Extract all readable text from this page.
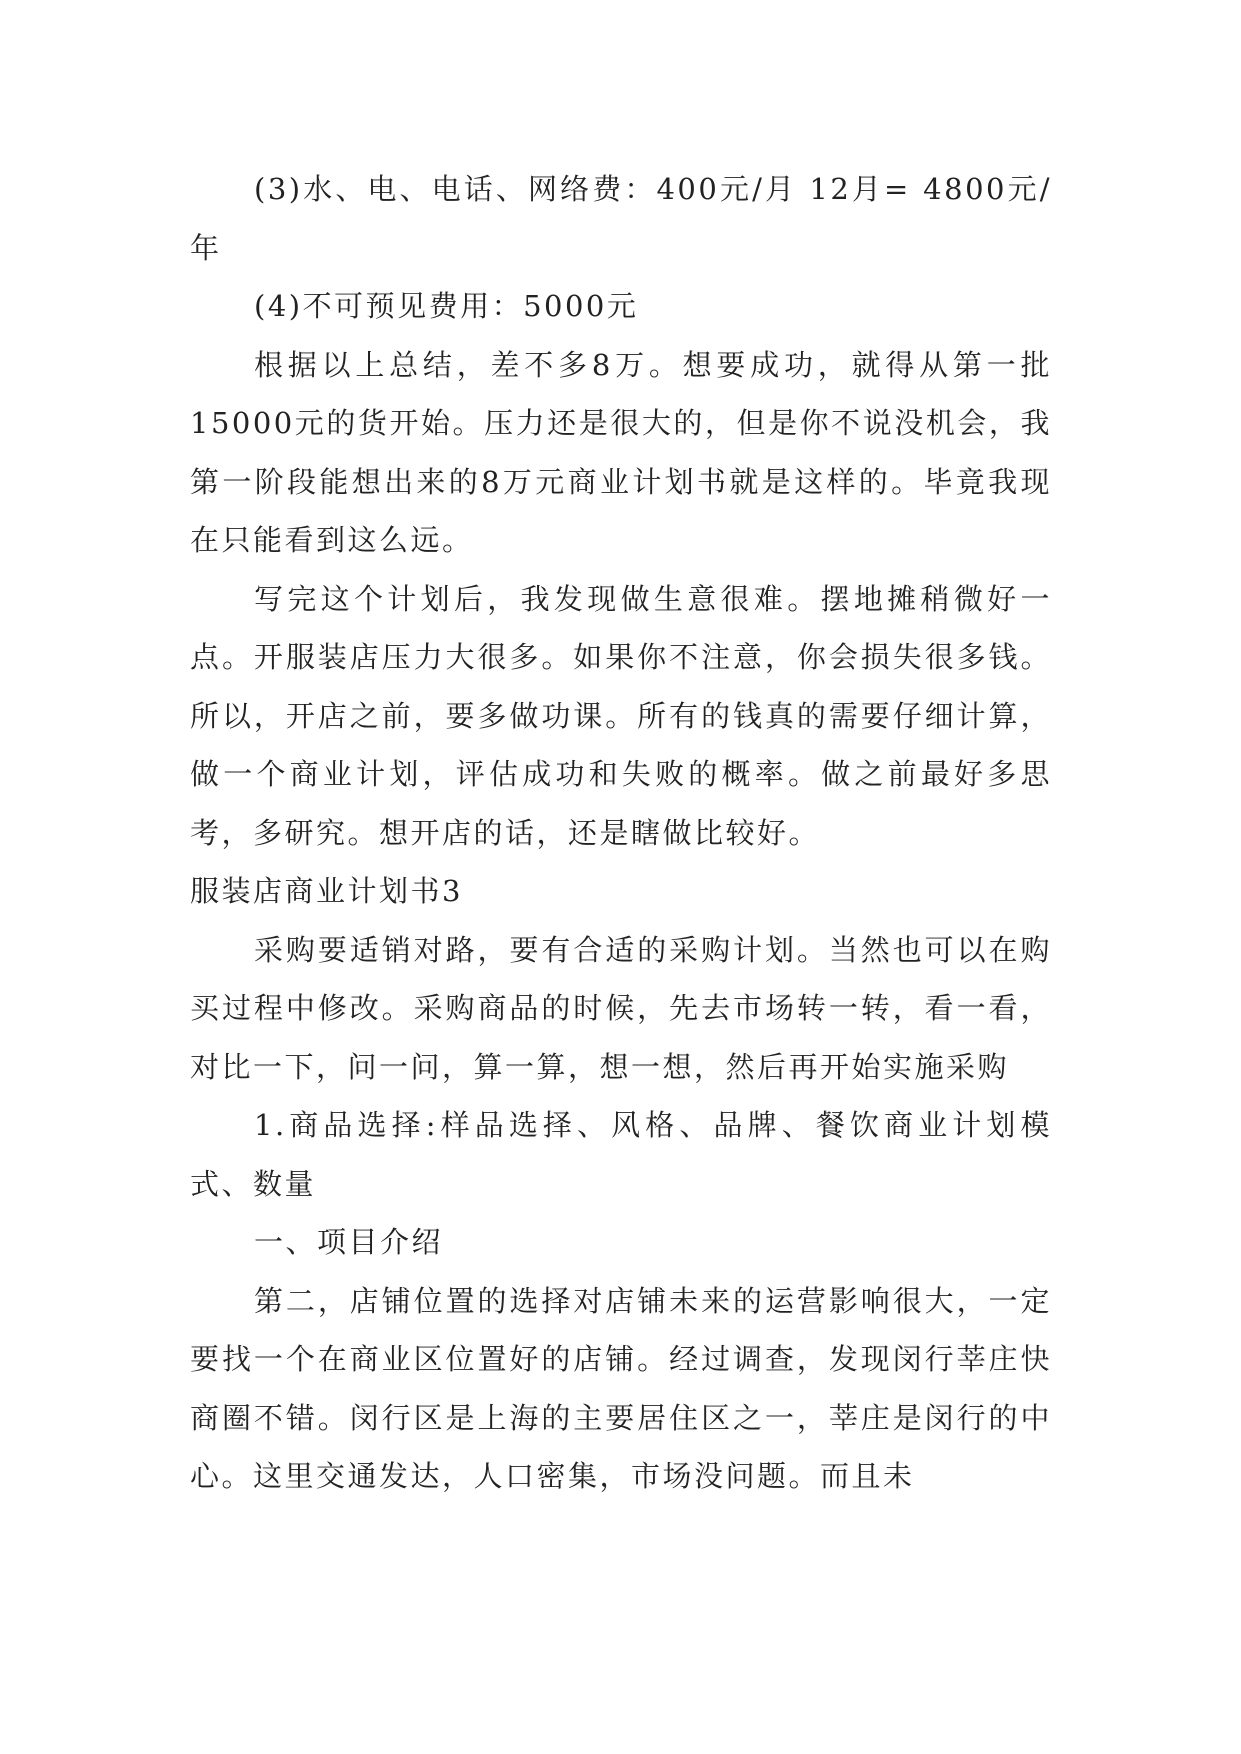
(3)水、电、电话、网络费：400元/月 12月= 4800元/年

(4)不可预见费用：5000元

根据以上总结，差不多8万。想要成功，就得从第一批15000元的货开始。压力还是很大的，但是你不说没机会，我第一阶段能想出来的8万元商业计划书就是这样的。毕竟我现在只能看到这么远。

写完这个计划后，我发现做生意很难。摆地摊稍微好一点。开服装店压力大很多。如果你不注意，你会损失很多钱。所以，开店之前，要多做功课。所有的钱真的需要仔细计算，做一个商业计划，评估成功和失败的概率。做之前最好多思考，多研究。想开店的话，还是瞎做比较好。

服装店商业计划书3

采购要适销对路，要有合适的采购计划。当然也可以在购买过程中修改。采购商品的时候，先去市场转一转，看一看，对比一下，问一问，算一算，想一想，然后再开始实施采购

1.商品选择:样品选择、风格、品牌、餐饮商业计划模式、数量

一、项目介绍

第二，店铺位置的选择对店铺未来的运营影响很大，一定要找一个在商业区位置好的店铺。经过调查，发现闵行莘庄快商圈不错。闵行区是上海的主要居住区之一，莘庄是闵行的中心。这里交通发达，人口密集，市场没问题。而且未
